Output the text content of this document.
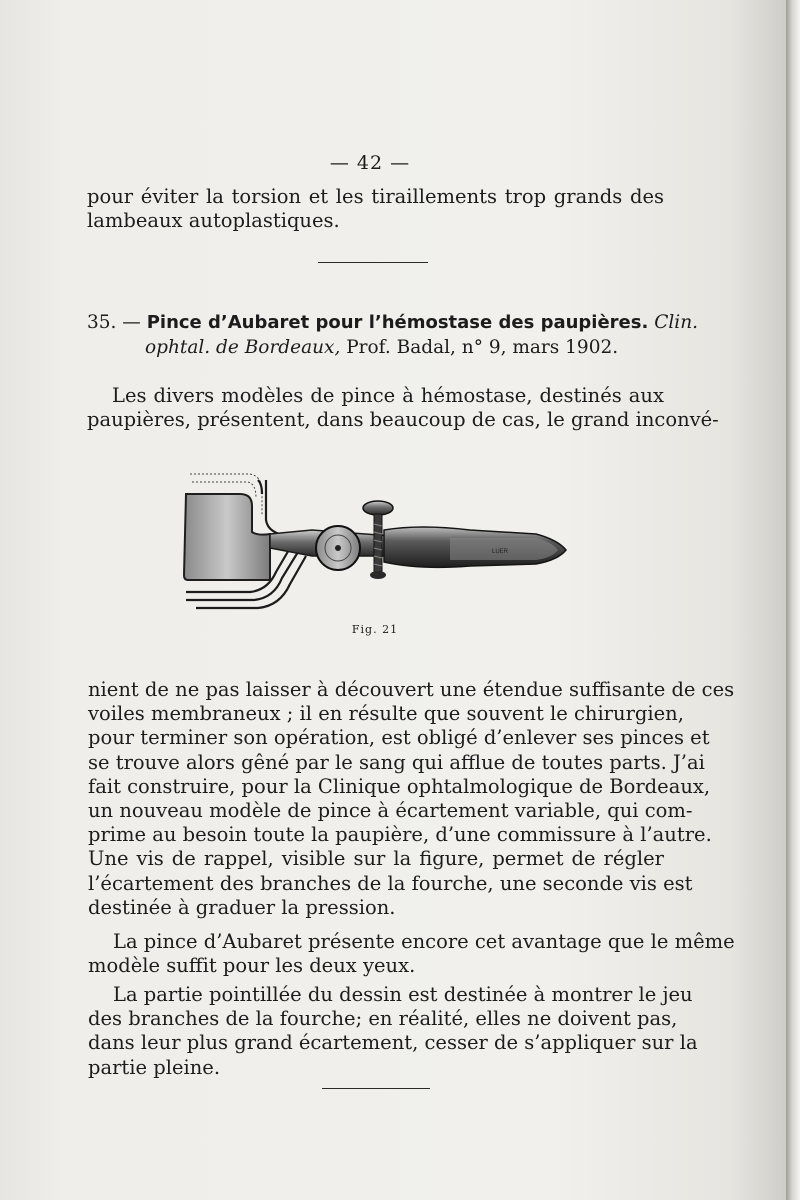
— 42 —
pour éviter la torsion et les tiraillements trop grands des
lambeaux autoplastiques.
35. — Pince d’Aubaret pour l’hémostase des paupières. Clin.
ophtal. de Bordeaux, Prof. Badal, n° 9, mars 1902.
Les divers modèles de pince à hémostase, destinés aux
paupières, présentent, dans beaucoup de cas, le grand inconvé-
LUER
Fig. 21
nient de ne pas laisser à découvert une étendue suffisante de ces
voiles membraneux ; il en résulte que souvent le chirurgien,
pour terminer son opération, est obligé d’enlever ses pinces et
se trouve alors gêné par le sang qui afflue de toutes parts. J’ai
fait construire, pour la Clinique ophtalmologique de Bordeaux,
un nouveau modèle de pince à écartement variable, qui com-
prime au besoin toute la paupière, d’une commissure à l’autre.
Une vis de rappel, visible sur la figure, permet de régler
l’écartement des branches de la fourche, une seconde vis est
destinée à graduer la pression.
La pince d’Aubaret présente encore cet avantage que le même
modèle suffit pour les deux yeux.
La partie pointillée du dessin est destinée à montrer le jeu
des branches de la fourche; en réalité, elles ne doivent pas,
dans leur plus grand écartement, cesser de s’appliquer sur la
partie pleine.
